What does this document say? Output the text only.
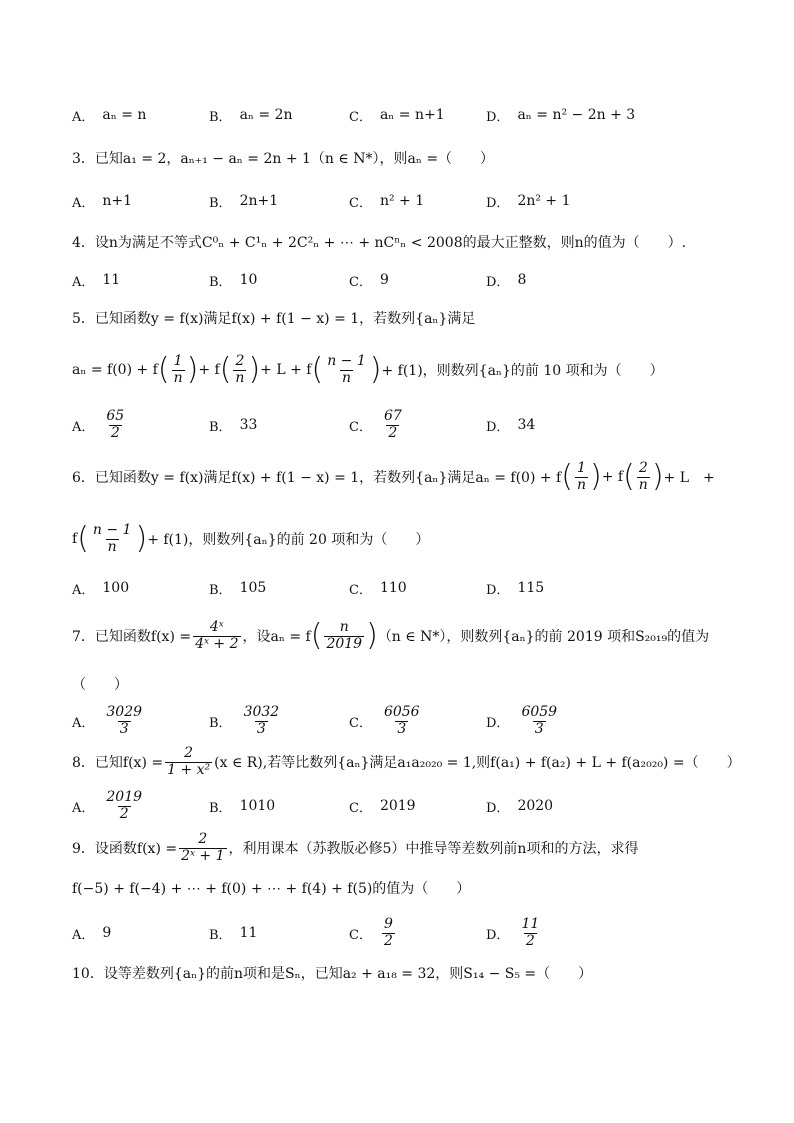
A． aₙ = n	B． aₙ = 2n	C． aₙ = n+1	D． aₙ = n² − 2n + 3
3．已知a₁ = 2，aₙ₊₁ − aₙ = 2n + 1（n ∈ N*），则aₙ =（　　）
A． n+1	B． 2n+1	C． n² + 1	D． 2n² + 1
4．设n为满足不等式C⁰ₙ + C¹ₙ + 2C²ₙ + ⋯ + nCⁿₙ < 2008的最大正整数，则n的值为（　　）.
A． 11	B． 10	C． 9	D． 8
5．已知函数y = f(x)满足f(x) + f(1 − x) = 1，若数列{aₙ}满足
aₙ = f(0) + f ( $\frac{1}{n}$ ) + f ( $\frac{2}{n}$ ) + L + f ( $\frac{n - 1}{n}$ ) + f(1)，则数列{aₙ}的前 10 项和为（　　）
A． $\frac{65}{2}$	B． 33	C． $\frac{67}{2}$	D． 34
6．已知函数y = f(x)满足f(x) + f(1 − x) = 1，若数列{aₙ}满足aₙ = f(0) + f ( $\frac{1}{n}$ ) + f ( $\frac{2}{n}$ ) + L　+
f ( $\frac{n - 1}{n}$ ) + f(1)，则数列{aₙ}的前 20 项和为（　　）
A． 100	B． 105	C． 110	D． 115
7．已知函数$f(x) = \frac{\text{4ˣ}}{\text{4ˣ + 2}}$ ，设aₙ = f ( $\frac{n}{2019}$ ) （n ∈ N*），则数列{aₙ}的前 2019 项和S₂₀₁₉的值为
（　　）
A． $\frac{3029}{3}$	B． $\frac{3032}{3}$	C． $\frac{6056}{3}$	D． $\frac{6059}{3}$
8．已知$f(x) = \frac{2}{\text{1 + x²}} (x$ ∈ R),若等比数列{aₙ}满足a₁a₂₀₂₀ = 1,则f(a₁) + f(a₂) + L + f(a₂₀₂₀) =（　　）
A． $\frac{2019}{2}$	B． 1010	C． 2019	D． 2020
9．设函数$f(x) = \frac{2}{\text{2ˣ + 1}}$ ，利用课本（苏教版必修5）中推导等差数列前n项和的方法，求得
f(−5) + f(−4) + ⋯ + f(0) + ⋯ + f(4) + f(5)的值为（　　）
A． 9	B． 11	C． $\frac{9}{2}$	D． $\frac{11}{2}$
10．设等差数列{aₙ}的前n项和是Sₙ，已知a₂ + a₁₈ = 32，则S₁₄ − S₅ =（　　）
